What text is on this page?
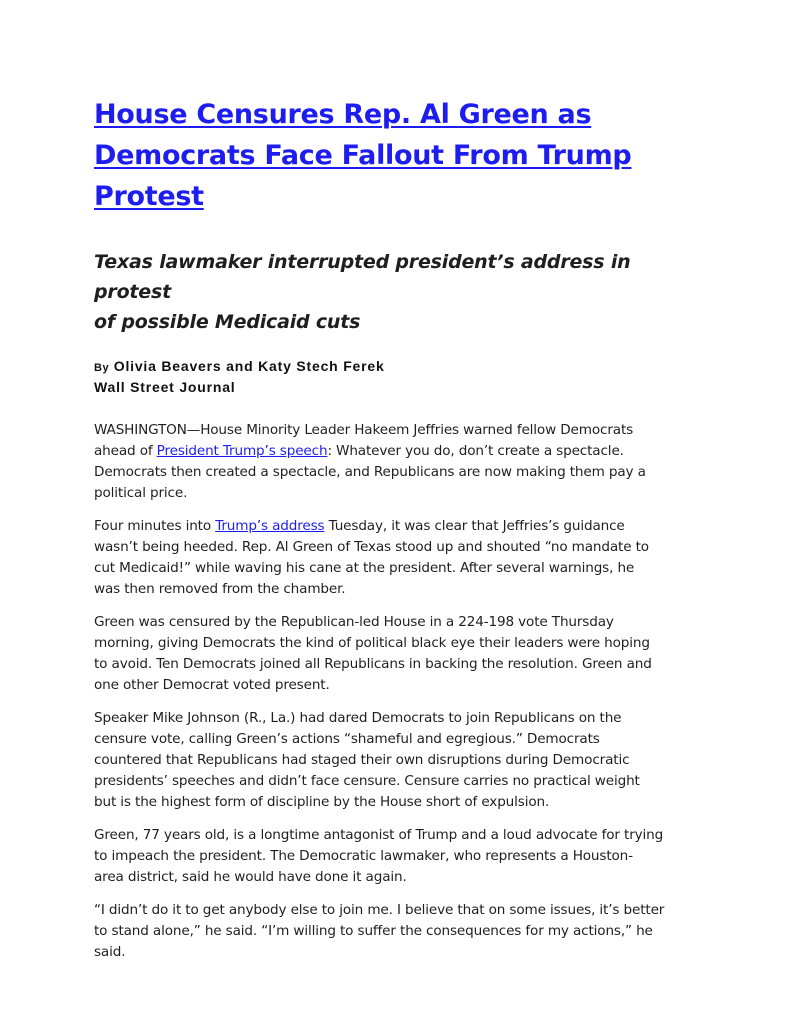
House Censures Rep. Al Green as
Democrats Face Fallout From Trump
Protest
Texas lawmaker interrupted president’s address in protest
of possible Medicaid cuts
By Olivia Beavers and Katy Stech Ferek
Wall Street Journal

WASHINGTON—House Minority Leader Hakeem Jeffries warned fellow Democrats
ahead of President Trump’s speech: Whatever you do, don’t create a spectacle.
Democrats then created a spectacle, and Republicans are now making them pay a
political price.

Four minutes into Trump’s address Tuesday, it was clear that Jeffries’s guidance
wasn’t being heeded. Rep. Al Green of Texas stood up and shouted “no mandate to
cut Medicaid!” while waving his cane at the president. After several warnings, he
was then removed from the chamber.

Green was censured by the Republican-led House in a 224-198 vote Thursday
morning, giving Democrats the kind of political black eye their leaders were hoping
to avoid. Ten Democrats joined all Republicans in backing the resolution. Green and
one other Democrat voted present.

Speaker Mike Johnson (R., La.) had dared Democrats to join Republicans on the
censure vote, calling Green’s actions “shameful and egregious.” Democrats
countered that Republicans had staged their own disruptions during Democratic
presidents’ speeches and didn’t face censure. Censure carries no practical weight
but is the highest form of discipline by the House short of expulsion.

Green, 77 years old, is a longtime antagonist of Trump and a loud advocate for trying
to impeach the president. The Democratic lawmaker, who represents a Houston-
area district, said he would have done it again.

“I didn’t do it to get anybody else to join me. I believe that on some issues, it’s better
to stand alone,” he said. “I’m willing to suffer the consequences for my actions,” he
said.
